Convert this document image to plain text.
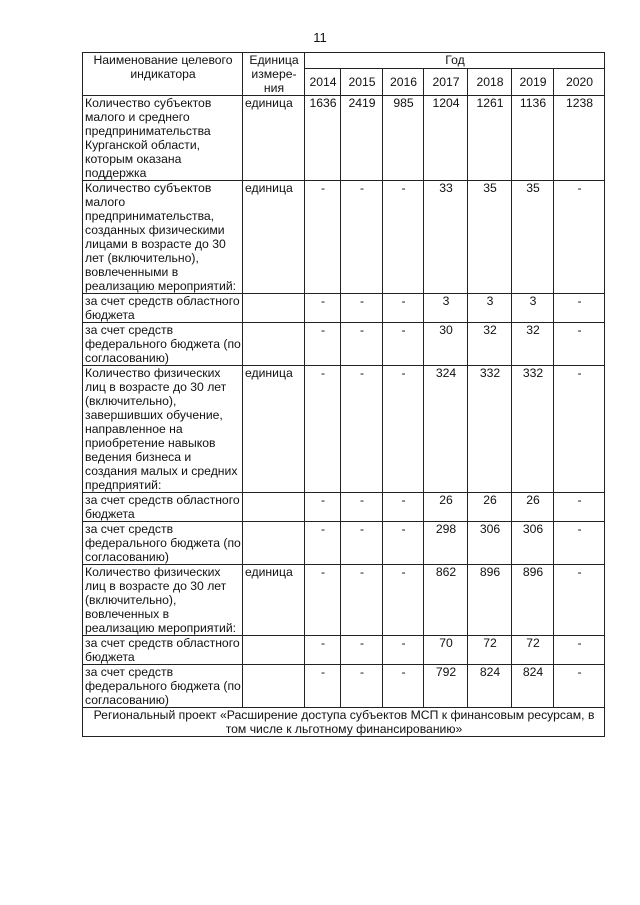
11
Наименование целевого индикатора	Единица измере-ния	Год						
		2014	2015	2016	2017	2018	2019	2020
Количество субъектов малого и среднего предпринимательства Курганской области, которым оказана поддержка	единица	1636	2419	985	1204	1261	1136	1238
Количество субъектов малого предпринимательства, созданных физическими лицами в возрасте до 30 лет (включительно), вовлеченными в реализацию мероприятий:	единица	-	-	-	33	35	35	-
за счет средств областного бюджета		-	-	-	3	3	3	-
за счет средств федерального бюджета (по согласованию)		-	-	-	30	32	32	-
Количество физических лиц в возрасте до 30 лет (включительно), завершивших обучение, направленное на приобретение навыков ведения бизнеса и создания малых и средних предприятий:	единица	-	-	-	324	332	332	-
за счет средств областного бюджета		-	-	-	26	26	26	-
за счет средств федерального бюджета (по согласованию)		-	-	-	298	306	306	-
Количество физических лиц в возрасте до 30 лет (включительно), вовлеченных в реализацию мероприятий:	единица	-	-	-	862	896	896	-
за счет средств областного бюджета		-	-	-	70	72	72	-
за счет средств федерального бюджета (по согласованию)		-	-	-	792	824	824	-
Региональный проект «Расширение доступа субъектов МСП к финансовым ресурсам, в том числе к льготному финансированию»								
